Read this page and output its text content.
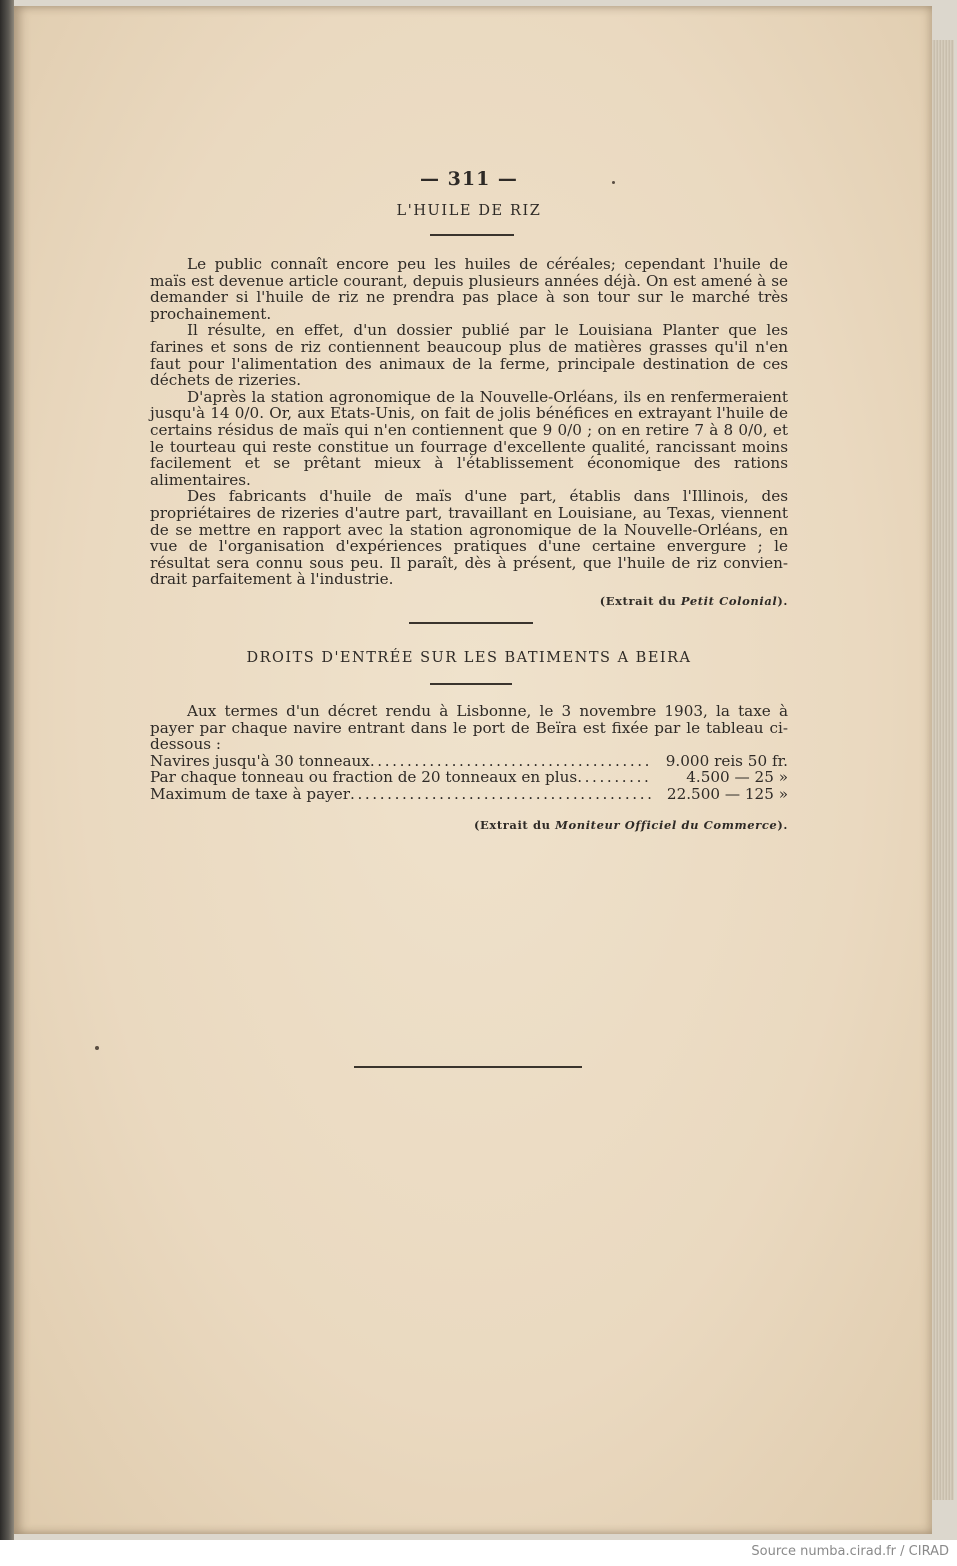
— 311 —
L'HUILE DE RIZ

Le public connaît encore peu les huiles de céréales; cependant l'huile de maïs est devenue article courant, depuis plusieurs années déjà. On est amené à se demander si l'huile de riz ne prendra pas place à son tour sur le marché très prochainement.

Il résulte, en effet, d'un dossier publié par le Louisiana Planter que les farines et sons de riz contiennent beaucoup plus de matières grasses qu'il n'en faut pour l'alimentation des animaux de la ferme, principale destination de ces déchets de rizeries.

D'après la station agronomique de la Nouvelle-Orléans, ils en renfermeraient jusqu'à 14 0/0. Or, aux Etats-Unis, on fait de jolis bénéfices en extrayant l'huile de certains résidus de maïs qui n'en contiennent que 9 0/0 ; on en retire 7 à 8 0/0, et le tourteau qui reste constitue un fourrage d'excellente qualité, rancissant moins facilement et se prêtant mieux à l'établissement économique des rations alimentaires.

Des fabricants d'huile de maïs d'une part, établis dans l'Illinois, des propriétaires de rizeries d'autre part, travaillant en Louisiane, au Texas, viennent de se mettre en rapport avec la station agronomique de la Nouvelle-Orléans, en vue de l'organisation d'expériences pratiques d'une certaine envergure ; le résultat sera connu sous peu. Il paraît, dès à présent, que l'huile de riz convien-drait parfaitement à l'industrie.

(Extrait du Petit Colonial).
DROITS D'ENTRÉE SUR LES BATIMENTS A BEIRA

Aux termes d'un décret rendu à Lisbonne, le 3 novembre 1903, la taxe à payer par chaque navire entrant dans le port de Beïra est fixée par le tableau ci-dessous :

Navires jusqu'à 30 tonneaux .....	9.000 reis 50 fr.
Par chaque tonneau ou fraction de 20 tonneaux en plus .....	4.500 — 25 »
Maximum de taxe à payer .....	22.500 — 125 »
(Extrait du Moniteur Officiel du Commerce).
Source numba.cirad.fr / CIRAD
